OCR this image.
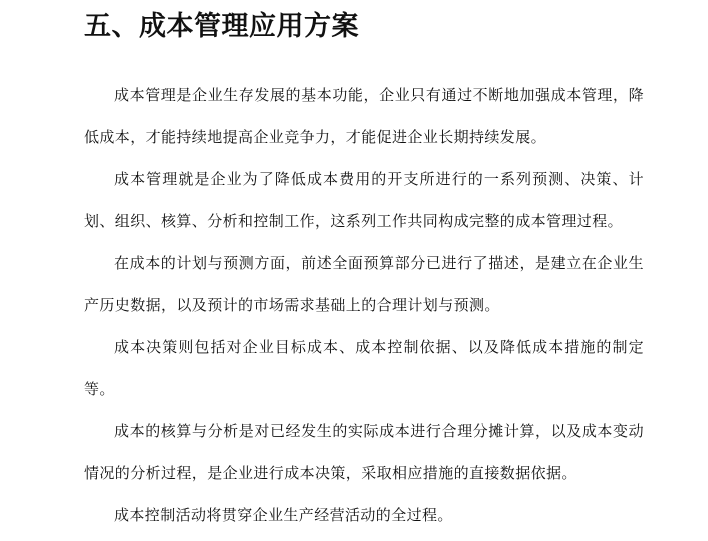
五、成本管理应用方案

成本管理是企业生存发展的基本功能，企业只有通过不断地加强成本管理，降低成本，才能持续地提高企业竞争力，才能促进企业长期持续发展。

成本管理就是企业为了降低成本费用的开支所进行的一系列预测、决策、计划、组织、核算、分析和控制工作，这系列工作共同构成完整的成本管理过程。

在成本的计划与预测方面，前述全面预算部分已进行了描述，是建立在企业生产历史数据，以及预计的市场需求基础上的合理计划与预测。

成本决策则包括对企业目标成本、成本控制依据、以及降低成本措施的制定等。

成本的核算与分析是对已经发生的实际成本进行合理分摊计算，以及成本变动情况的分析过程，是企业进行成本决策，采取相应措施的直接数据依据。

成本控制活动将贯穿企业生产经营活动的全过程。
